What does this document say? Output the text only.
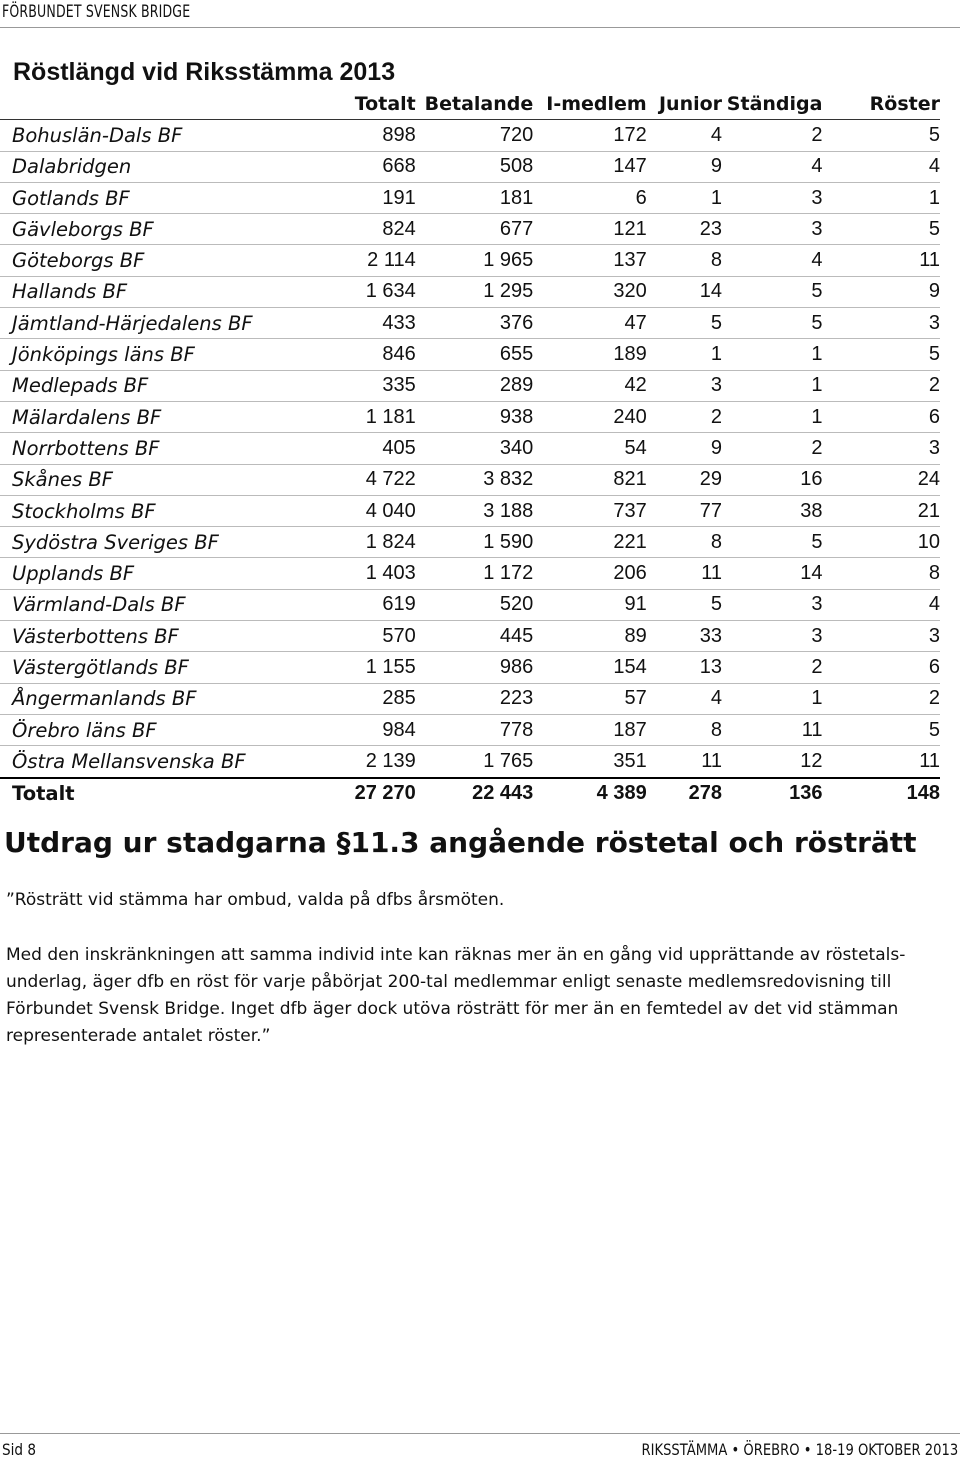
FÖRBUNDET SVENSK BRIDGE
Röstlängd vid Riksstämma 2013
	Totalt	Betalande	I-medlem	Junior	Ständiga	Röster
Bohuslän-Dals BF	898	720	172	4	2	5
Dalabridgen	668	508	147	9	4	4
Gotlands BF	191	181	6	1	3	1
Gävleborgs BF	824	677	121	23	3	5
Göteborgs BF	2 114	1 965	137	8	4	11
Hallands BF	1 634	1 295	320	14	5	9
Jämtland-Härjedalens BF	433	376	47	5	5	3
Jönköpings läns BF	846	655	189	1	1	5
Medlepads BF	335	289	42	3	1	2
Mälardalens BF	1 181	938	240	2	1	6
Norrbottens BF	405	340	54	9	2	3
Skånes BF	4 722	3 832	821	29	16	24
Stockholms BF	4 040	3 188	737	77	38	21
Sydöstra Sveriges BF	1 824	1 590	221	8	5	10
Upplands BF	1 403	1 172	206	11	14	8
Värmland-Dals BF	619	520	91	5	3	4
Västerbottens BF	570	445	89	33	3	3
Västergötlands BF	1 155	986	154	13	2	6
Ångermanlands BF	285	223	57	4	1	2
Örebro läns BF	984	778	187	8	11	5
Östra Mellansvenska BF	2 139	1 765	351	11	12	11
Totalt	27 270	22 443	4 389	278	136	148
Utdrag ur stadgarna §11.3 angående röstetal och rösträtt
”Rösträtt vid stämma har ombud, valda på dfbs årsmöten.
Med den inskränkningen att samma individ inte kan räknas mer än en gång vid upprättande av röstetals-underlag, äger dfb en röst för varje påbörjat 200-tal medlemmar enligt senaste medlemsredovisning till Förbundet Svensk Bridge. Inget dfb äger dock utöva rösträtt för mer än en femtedel av det vid stämman representerade antalet röster.”
Sid 8	RIKSSTÄMMA • ÖREBRO • 18-19 OKTOBER 2013
